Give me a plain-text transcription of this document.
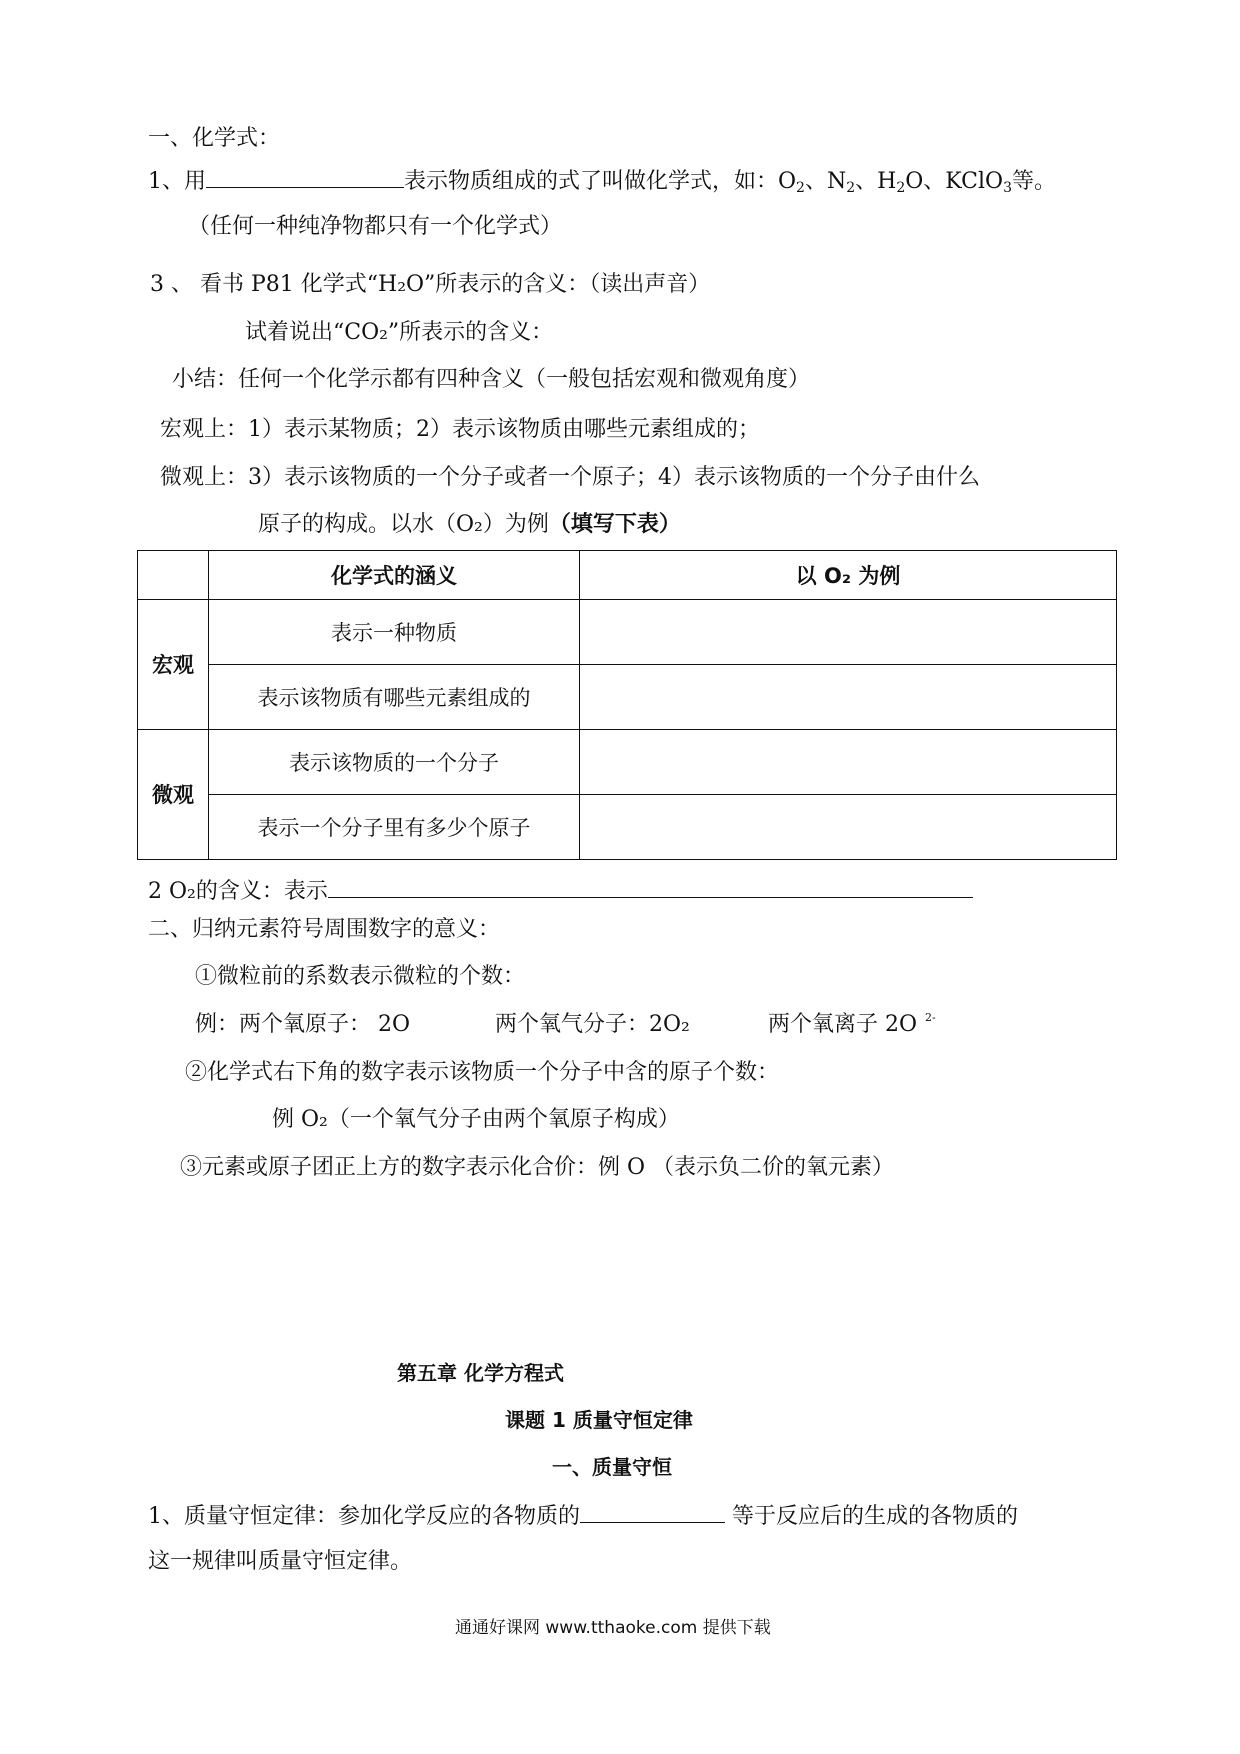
一、化学式：
1、用	表示物质组成的式了叫做化学式，如：$O_2$、$N_2$、$H_2O$、KClO$_3$等。
（任何一种纯净物都只有一个化学式）
3 、 看书 P81 化学式“H₂O”所表示的含义：（读出声音）
试着说出“CO₂”所表示的含义：
小结：任何一个化学示都有四种含义（一般包括宏观和微观角度）
宏观上：1）表示某物质；2）表示该物质由哪些元素组成的；
微观上：3）表示该物质的一个分子或者一个原子；4）表示该物质的一个分子由什么
原子的构成。以水（O₂）为例（填写下表）
	化学式的涵义	以 O₂ 为例
宏观	表示一种物质	
	表示该物质有哪些元素组成的	
微观	表示该物质的一个分子	
	表示一个分子里有多少个原子	
2 O₂的含义：表示
二、归纳元素符号周围数字的意义：
①微粒前的系数表示微粒的个数：
例：两个氧原子： 2O	两个氧气分子：2O₂	两个氧离子 2O $^{2-}$
②化学式右下角的数字表示该物质一个分子中含的原子个数：
例 O₂（一个氧气分子由两个氧原子构成）
③元素或原子团正上方的数字表示化合价：例 O （表示负二价的氧元素）
第五章 化学方程式
课题 1 质量守恒定律
一、质量守恒
1、质量守恒定律：参加化学反应的各物质的	等于反应后的生成的各物质的
这一规律叫质量守恒定律。
通通好课网 www.tthaoke.com 提供下载
